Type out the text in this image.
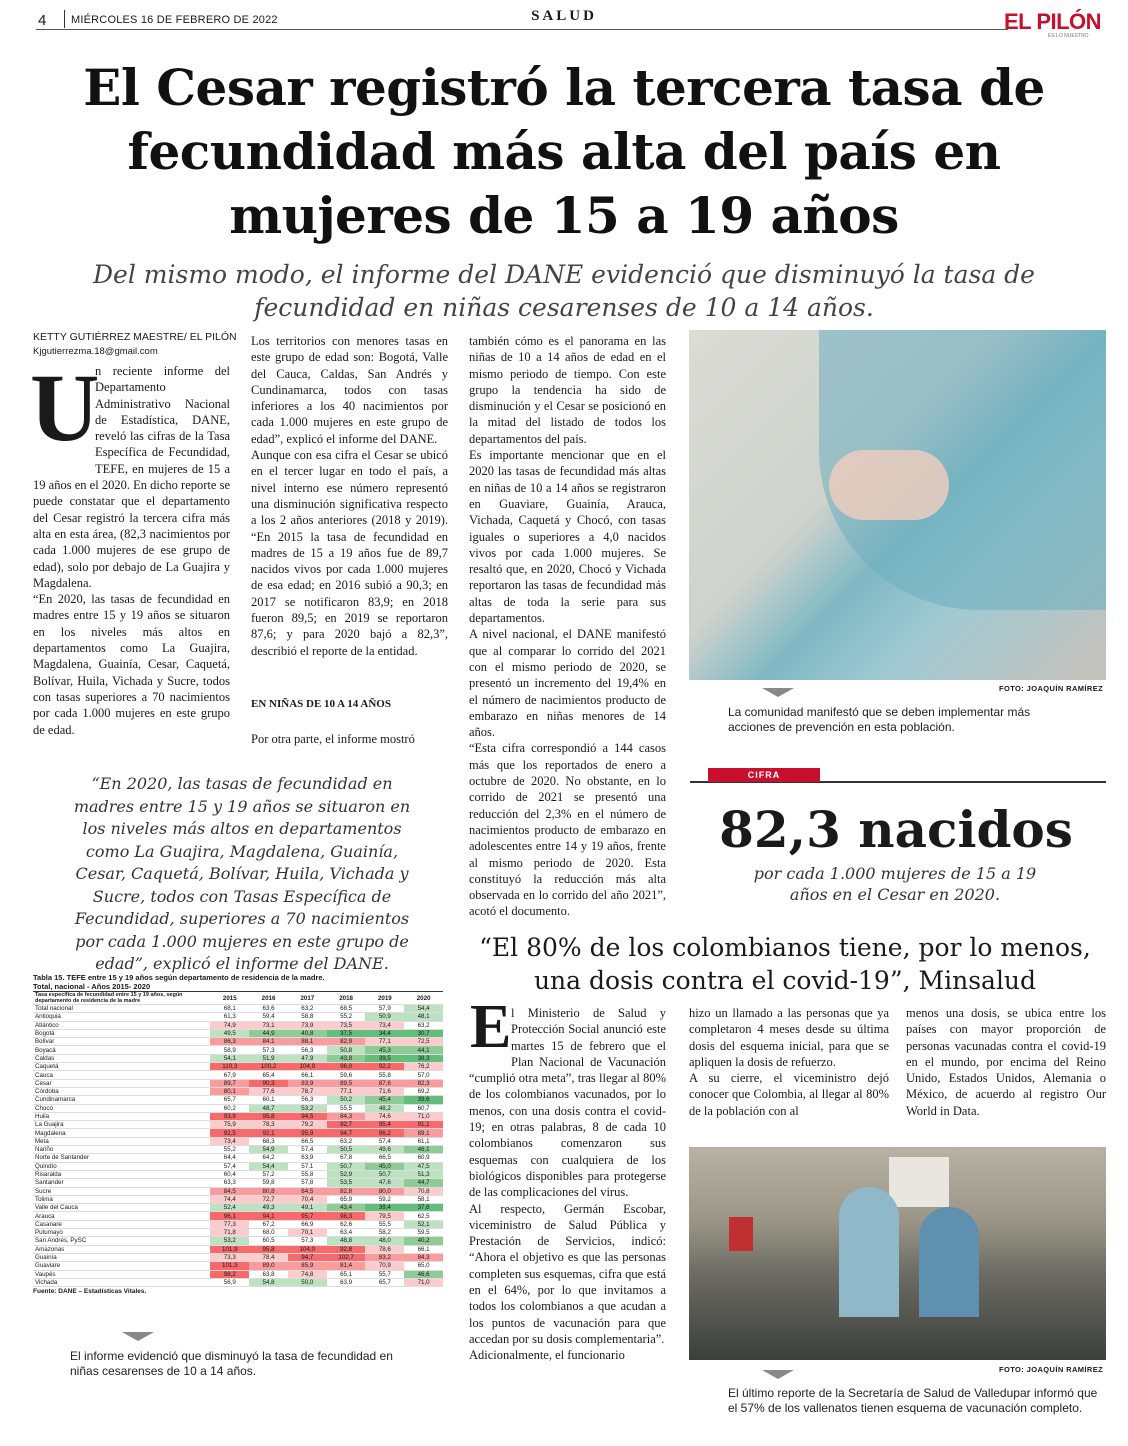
4 MIÉRCOLES 16 DE FEBRERO DE 2022	SALUD	EL PILÓN
ES LO NUESTRO
El Cesar registró la tercera tasa de fecundidad más alta del país en mujeres de 15 a 19 años
Del mismo modo, el informe del DANE evidenció que disminuyó la tasa de fecundidad en niñas cesarenses de 10 a 14 años.
KETTY GUTIÉRREZ MAESTRE/ EL PILÓN
Kjgutierrezma.18@gmail.com
U
n reciente informe del Departamento Administrativo Nacional de Estadística, DANE, reveló las cifras de la Tasa Específica de Fecundidad, TEFE, en mujeres de 15 a 19 años en el 2020. En dicho reporte se puede constatar que el departamento del Cesar registró la tercera cifra más alta en esta área, (82,3 nacimientos por cada 1.000 mujeres de ese grupo de edad), solo por debajo de La Guajira y Magdalena.
“En 2020, las tasas de fecundidad en madres entre 15 y 19 años se situaron en los niveles más altos en departamentos como La Guajira, Magdalena, Guainía, Cesar, Caquetá, Bolívar, Huila, Vichada y Sucre, todos con tasas superiores a 70 nacimientos por cada 1.000 mujeres en este grupo de edad.
Los territorios con menores tasas en este grupo de edad son: Bogotá, Valle del Cauca, Caldas, San Andrés y Cundinamarca, todos con tasas inferiores a los 40 nacimientos por cada 1.000 mujeres en este grupo de edad”, explicó el informe del DANE.
Aunque con esa cifra el Cesar se ubicó en el tercer lugar en todo el país, a nivel interno ese número representó una disminución significativa respecto a los 2 años anteriores (2018 y 2019). “En 2015 la tasa de fecundidad en madres de 15 a 19 años fue de 89,7 nacidos vivos por cada 1.000 mujeres de esa edad; en 2016 subió a 90,3; en 2017 se notificaron 83,9; en 2018 fueron 89,5; en 2019 se reportaron 87,6; y para 2020 bajó a 82,3”, describió el reporte de la entidad.
EN NIÑAS DE 10 A 14 AÑOS
Por otra parte, el informe mostró
también cómo es el panorama en las niñas de 10 a 14 años de edad en el mismo periodo de tiempo. Con este grupo la tendencia ha sido de disminución y el Cesar se posicionó en la mitad del listado de todos los departamentos del país.
Es importante mencionar que en el 2020 las tasas de fecundidad más altas en niñas de 10 a 14 años se registraron en Guaviare, Guainía, Arauca, Vichada, Caquetá y Chocó, con tasas iguales o superiores a 4,0 nacidos vivos por cada 1.000 mujeres. Se resaltó que, en 2020, Chocó y Vichada reportaron las tasas de fecundidad más altas de toda la serie para sus departamentos.
A nivel nacional, el DANE manifestó que al comparar lo corrido del 2021 con el mismo periodo de 2020, se presentó un incremento del 19,4% en el número de nacimientos producto de embarazo en niñas menores de 14 años.
“Esta cifra correspondió a 144 casos más que los reportados de enero a octubre de 2020. No obstante, en lo corrido de 2021 se presentó una reducción del 2,3% en el número de nacimientos producto de embarazo en adolescentes entre 14 y 19 años, frente al mismo periodo de 2020. Esta constituyó la reducción más alta observada en lo corrido del año 2021”, acotó el documento.
“En 2020, las tasas de fecundidad en madres entre 15 y 19 años se situaron en los niveles más altos en departamentos como La Guajira, Magdalena, Guainía, Cesar, Caquetá, Bolívar, Huila, Vichada y Sucre, todos con Tasas Específica de Fecundidad, superiores a 70 nacimientos por cada 1.000 mujeres en este grupo de edad”, explicó el informe del DANE.
FOTO: JOAQUÍN RAMÍREZ
La comunidad manifestó que se deben implementar más acciones de prevención en esta población.
CIFRA
82,3 nacidos
por cada 1.000 mujeres de 15 a 19 años en el Cesar en 2020.
Tabla 15. TEFE entre 15 y 19 años según departamento de residencia de la madre.
Total, nacional - Años 2015- 2020
Tasa específica de fecundidad entre 15 y 19 años, según departamento de residencia de la madre	2015	2016	2017	2018	2019	2020
Total nacional	68,1	63,6	63,2	68,5	57,9	54,4
Antioquia	61,3	59,4	58,8	55,2	50,9	48,1
Atlántico	74,9	73,1	73,9	73,5	73,4	63,2
Bogotá	49,5	44,9	40,8	37,5	34,4	30,7
Bolívar	86,3	84,1	88,1	82,9	77,1	72,5
Boyacá	58,9	57,3	56,3	50,8	45,3	44,1
Caldas	54,1	51,9	47,9	43,8	39,5	38,3
Caquetá	110,3	100,2	104,9	96,0	92,2	76,2
Cauca	67,9	65,4	66,1	59,6	55,8	57,0
Cesar	89,7	90,3	83,9	89,5	87,6	82,3
Córdoba	80,1	77,6	78,7	77,1	71,6	69,2
Cundinamarca	65,7	60,1	56,3	50,2	45,4	39,6
Chocó	60,2	48,7	53,2	55,5	48,2	60,7
Huila	93,9	95,8	94,5	84,3	74,6	71,0
La Guajira	75,9	78,3	79,2	92,7	95,4	91,1
Magdalena	92,5	92,1	95,9	94,7	96,2	89,1
Meta	73,4	68,3	66,5	63,2	57,4	61,1
Nariño	55,2	54,9	57,4	50,5	49,6	46,1
Norte de Santander	64,4	64,2	63,9	67,8	66,5	60,9
Quindío	57,4	54,4	57,1	50,7	45,0	47,5
Risaralda	60,4	57,2	55,8	52,9	50,7	51,3
Santander	63,3	59,8	57,8	53,5	47,6	44,7
Sucre	84,5	80,8	84,5	82,8	80,0	70,8
Tolima	74,4	72,7	70,4	65,9	59,2	58,1
Valle del Cauca	52,4	49,3	49,1	43,4	39,4	37,6
Arauca	96,1	94,1	95,7	98,3	79,5	62,5
Casanare	77,3	67,2	66,9	62,6	55,5	52,1
Putumayo	71,8	68,0	70,1	63,4	58,2	59,5
San Andrés, PySC	53,2	60,5	57,3	48,8	48,0	40,2
Amazonas	101,9	95,8	104,0	92,8	78,6	66,1
Guainía	73,3	78,4	94,7	102,7	83,2	84,3
Guaviare	101,3	89,0	85,9	81,4	70,9	65,0
Vaupés	98,2	63,8	74,8	65,1	55,7	46,6
Vichada	56,9	54,8	50,0	63,9	65,7	71,0
Fuente: DANE – Estadísticas Vitales.
El informe evidenció que disminuyó la tasa de fecundidad en niñas cesarenses de 10 a 14 años.
“El 80% de los colombianos tiene, por lo menos, una dosis contra el covid-19”, Minsalud
E l Ministerio de Salud y Protección Social anunció este martes 15 de febrero que el Plan Nacional de Vacunación “cumplió otra meta”, tras llegar al 80% de los colombianos vacunados, por lo menos, con una dosis contra el covid-19; en otras palabras, 8 de cada 10 colombianos comenzaron sus esquemas con cualquiera de los biológicos disponibles para protegerse de las complicaciones del virus.
Al respecto, Germán Escobar, viceministro de Salud Pública y Prestación de Servicios, indicó: “Ahora el objetivo es que las personas completen sus esquemas, cifra que está en el 64%, por lo que invitamos a todos los colombianos a que acudan a los puntos de vacunación para que accedan por su dosis complementaria”.
Adicionalmente, el funcionario
hizo un llamado a las personas que ya completaron 4 meses desde su última dosis del esquema inicial, para que se apliquen la dosis de refuerzo.
A su cierre, el viceministro dejó conocer que Colombia, al llegar al 80% de la población con al
menos una dosis, se ubica entre los países con mayor proporción de personas vacunadas contra el covid-19 en el mundo, por encima del Reino Unido, Estados Unidos, Alemania o México, de acuerdo al registro Our World in Data.
FOTO: JOAQUÍN RAMÍREZ
El último reporte de la Secretaría de Salud de Valledupar informó que el 57% de los vallenatos tienen esquema de vacunación completo.
